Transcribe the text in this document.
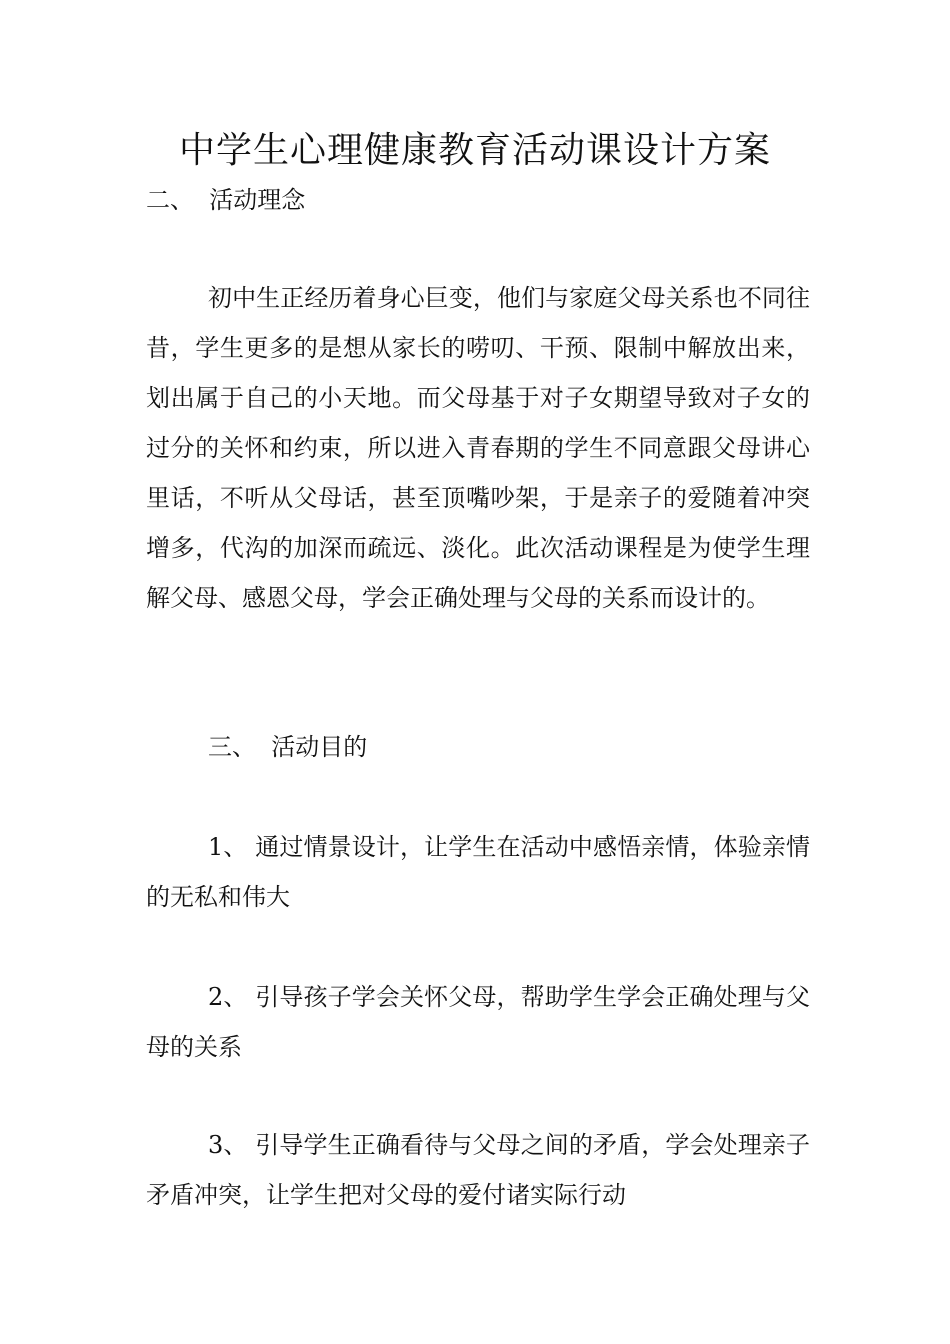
中学生心理健康教育活动课设计方案
二、  活动理念

初中生正经历着身心巨变，他们与家庭父母关系也不同往昔，学生更多的是想从家长的唠叨、干预、限制中解放出来，划出属于自己的小天地。而父母基于对子女期望导致对子女的过分的关怀和约束，所以进入青春期的学生不同意跟父母讲心里话，不听从父母话，甚至顶嘴吵架，于是亲子的爱随着冲突增多，代沟的加深而疏远、淡化。此次活动课程是为使学生理解父母、感恩父母，学会正确处理与父母的关系而设计的。

三、  活动目的

1、 通过情景设计，让学生在活动中感悟亲情，体验亲情的无私和伟大

2、 引导孩子学会关怀父母，帮助学生学会正确处理与父母的关系

3、 引导学生正确看待与父母之间的矛盾，学会处理亲子矛盾冲突，让学生把对父母的爱付诸实际行动
